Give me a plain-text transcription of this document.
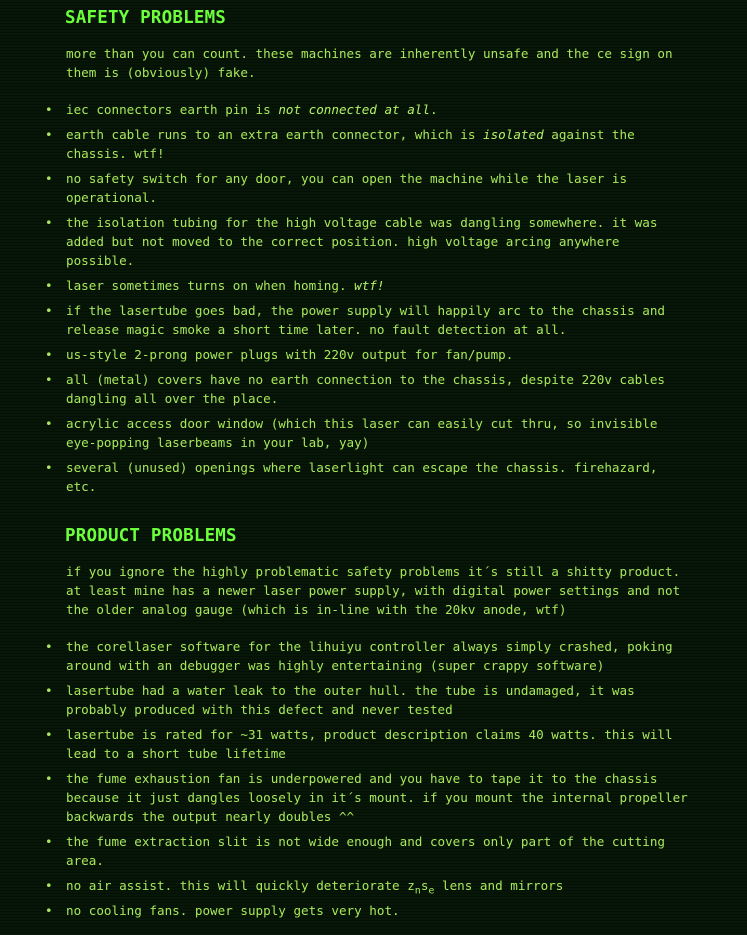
SAFETY PROBLEMS

more than you can count. these machines are inherently unsafe and the ce sign on
them is (obviously) fake.

• iec connectors earth pin is not connected at all.
• earth cable runs to an extra earth connector, which is isolated against the
chassis. wtf!
• no safety switch for any door, you can open the machine while the laser is
operational.
• the isolation tubing for the high voltage cable was dangling somewhere. it was
added but not moved to the correct position. high voltage arcing anywhere
possible.
• laser sometimes turns on when homing. wtf!
• if the lasertube goes bad, the power supply will happily arc to the chassis and
release magic smoke a short time later. no fault detection at all.
• us-style 2-prong power plugs with 220v output for fan/pump.
• all (metal) covers have no earth connection to the chassis, despite 220v cables
dangling all over the place.
• acrylic access door window (which this laser can easily cut thru, so invisible
eye-popping laserbeams in your lab, yay)
• several (unused) openings where laserlight can escape the chassis. firehazard,
etc.
PRODUCT PROBLEMS

if you ignore the highly problematic safety problems it´s still a shitty product.
at least mine has a newer laser power supply, with digital power settings and not
the older analog gauge (which is in-line with the 20kv anode, wtf)

• the corellaser software for the lihuiyu controller always simply crashed, poking
around with an debugger was highly entertaining (super crappy software)
• lasertube had a water leak to the outer hull. the tube is undamaged, it was
probably produced with this defect and never tested
• lasertube is rated for ~31 watts, product description claims 40 watts. this will
lead to a short tube lifetime
• the fume exhaustion fan is underpowered and you have to tape it to the chassis
because it just dangles loosely in it´s mount. if you mount the internal propeller
backwards the output nearly doubles ^^
• the fume extraction slit is not wide enough and covers only part of the cutting
area.
• no air assist. this will quickly deteriorate $z_ns_e$ lens and mirrors
• no cooling fans. power supply gets very hot.
